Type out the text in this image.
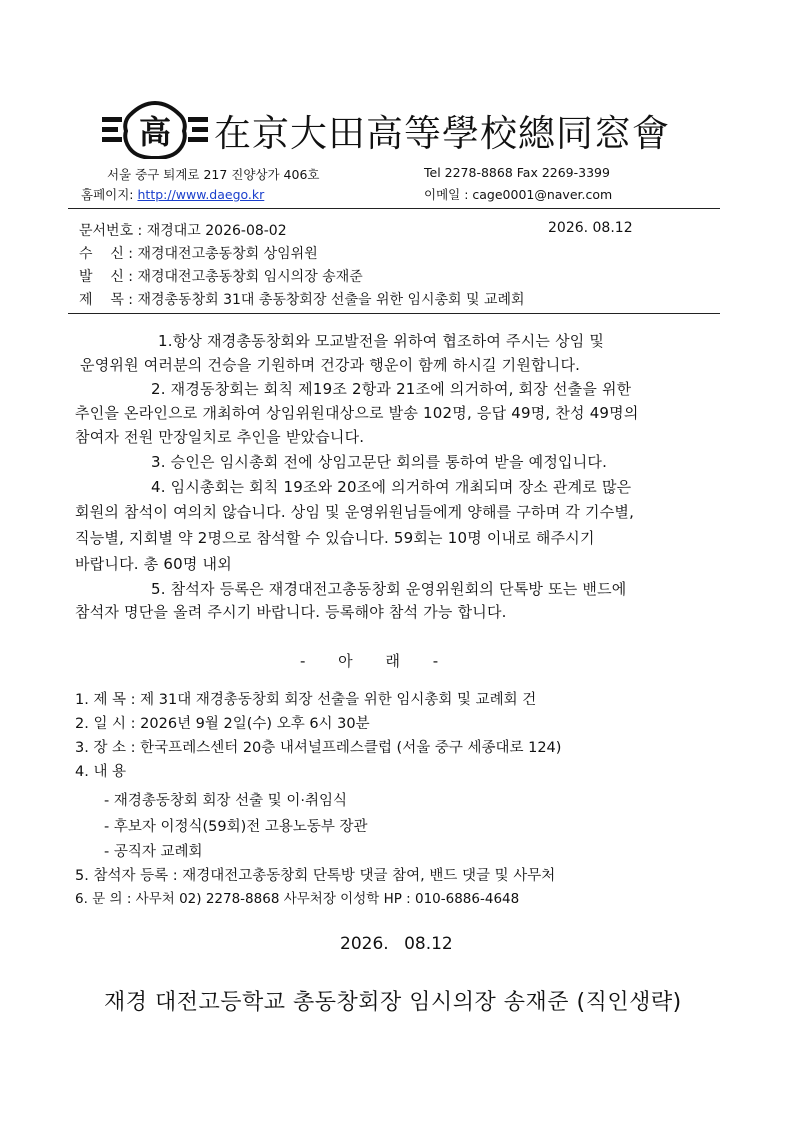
高 在京大田高等學校總同窓會
서울 중구 퇴계로 217 진양상가 406호	Tel 2278-8868 Fax 2269-3399
홈페이지: http://www.daego.kr	이메일 : cage0001@naver.com
문서번호 : 재경대고 2026-08-02	2026. 08.12
수    신 : 재경대전고총동창회 상임위원
발    신 : 재경대전고총동창회 임시의장 송재준
제    목 : 재경총동창회 31대 총동창회장 선출을 위한 임시총회 및 교례회
1.항상 재경총동창회와 모교발전을 위하여 협조하여 주시는 상임 및
운영위원 여러분의 건승을 기원하며 건강과 행운이 함께 하시길 기원합니다.
2. 재경동창회는 회칙 제19조 2항과 21조에 의거하여, 회장 선출을 위한
추인을 온라인으로 개최하여 상임위원대상으로 발송 102명, 응답 49명, 찬성 49명의
참여자 전원 만장일치로 추인을 받았습니다.
3. 승인은 임시총회 전에 상임고문단 회의를 통하여 받을 예정입니다.
4. 임시총회는 회칙 19조와 20조에 의거하여 개최되며 장소 관계로 많은
회원의 참석이 여의치 않습니다. 상임 및 운영위원님들에게 양해를 구하며 각 기수별,
직능별, 지회별 약 2명으로 참석할 수 있습니다. 59회는 10명 이내로 해주시기
바랍니다. 총 60명 내외
5. 참석자 등록은 재경대전고총동창회 운영위원회의 단톡방 또는 밴드에
참석자 명단을 올려 주시기 바랍니다. 등록해야 참석 가능 합니다.
- 아 래 -
1. 제 목 : 제 31대 재경총동창회 회장 선출을 위한 임시총회 및 교례회 건
2. 일 시 : 2026년 9월 2일(수) 오후 6시 30분
3. 장 소 : 한국프레스센터 20층 내셔널프레스클럽 (서울 중구 세종대로 124)
4. 내 용
- 재경총동창회 회장 선출 및 이·취임식
- 후보자 이정식(59회)전 고용노동부 장관
- 공직자 교례회
5. 참석자 등록 : 재경대전고총동창회 단톡방 댓글 참여, 밴드 댓글 및 사무처
6. 문 의 : 사무처 02) 2278-8868 사무처장 이성학 HP : 010-6886-4648
2026. 08.12
재경 대전고등학교 총동창회장 임시의장 송재준 (직인생략)
